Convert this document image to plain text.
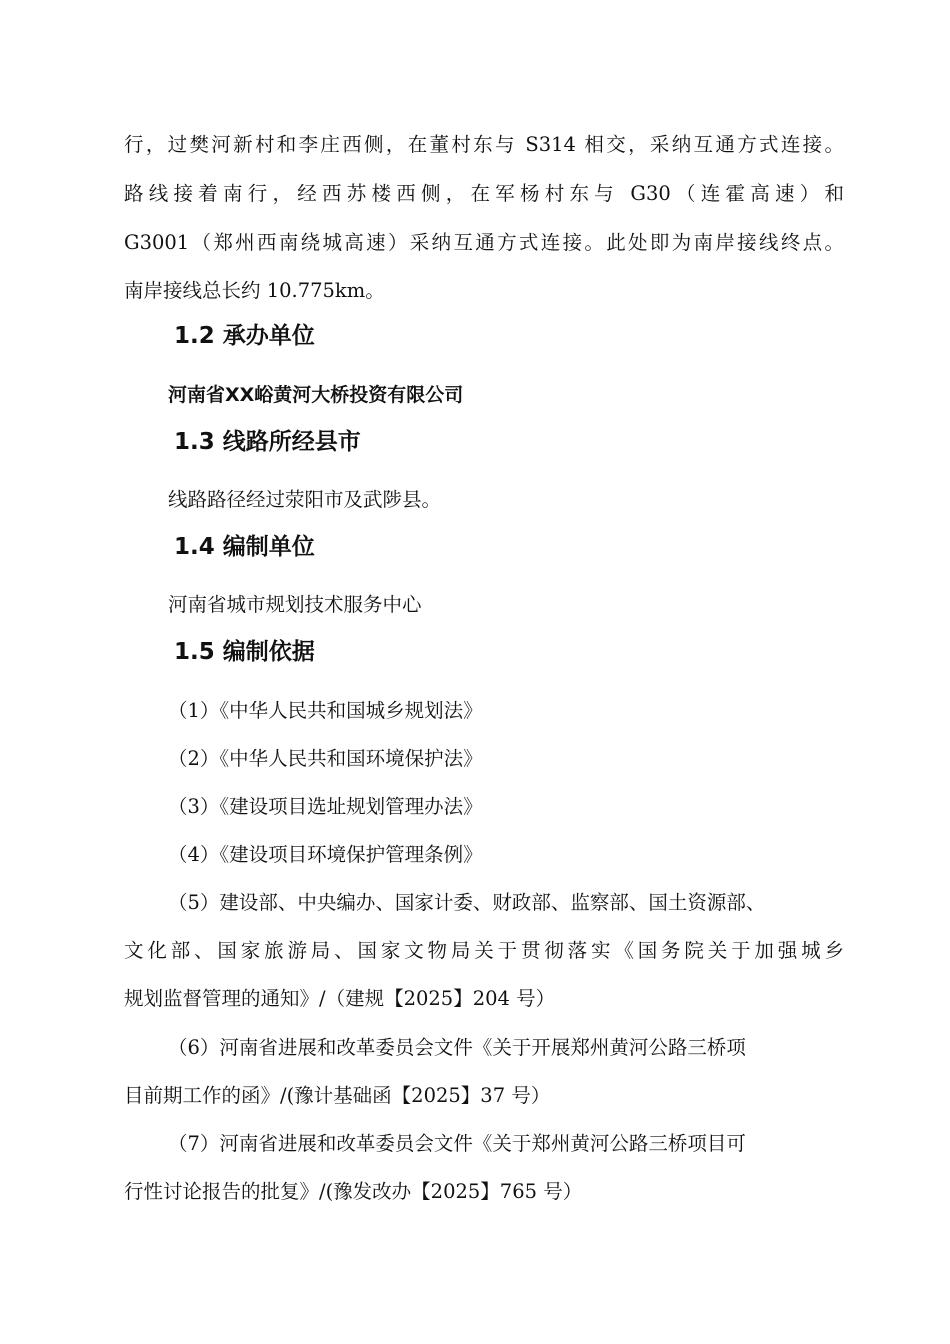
行，过樊河新村和李庄西侧，在董村东与 S314 相交，采纳互通方式连接。
路线接着南行，经西苏楼西侧，在军杨村东与 G30（连霍高速）和
G3001（郑州西南绕城高速）采纳互通方式连接。此处即为南岸接线终点。
南岸接线总长约 10.775km。
1.2 承办单位
河南省XX峪黄河大桥投资有限公司
1.3 线路所经县市
线路路径经过荥阳市及武陟县。
1.4 编制单位
河南省城市规划技术服务中心
1.5 编制依据
（1）《中华人民共和国城乡规划法》
（2）《中华人民共和国环境保护法》
（3）《建设项目选址规划管理办法》
（4）《建设项目环境保护管理条例》
（5）建设部、中央编办、国家计委、财政部、监察部、国土资源部、
文化部、国家旅游局、国家文物局关于贯彻落实《国务院关于加强城乡
规划监督管理的通知》/（建规【2025】204 号）
（6）河南省进展和改革委员会文件《关于开展郑州黄河公路三桥项
目前期工作的函》/(豫计基础函【2025】37 号）
（7）河南省进展和改革委员会文件《关于郑州黄河公路三桥项目可
行性讨论报告的批复》/(豫发改办【2025】765 号）
